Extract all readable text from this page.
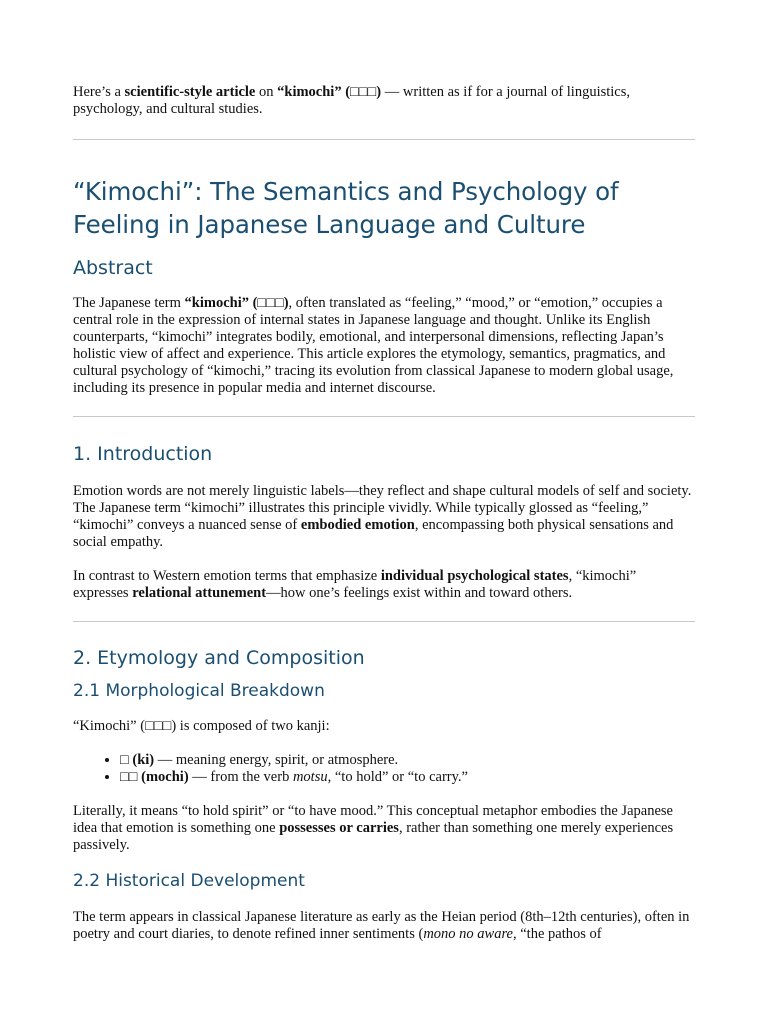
Here’s a scientific-style article on “kimochi” (□□□) — written as if for a journal of linguistics, psychology, and cultural studies.

“Kimochi”: The Semantics and Psychology of Feeling in Japanese Language and Culture
Abstract

The Japanese term “kimochi” (□□□), often translated as “feeling,” “mood,” or “emotion,” occupies a central role in the expression of internal states in Japanese language and thought. Unlike its English counterparts, “kimochi” integrates bodily, emotional, and interpersonal dimensions, reflecting Japan’s holistic view of affect and experience. This article explores the etymology, semantics, pragmatics, and cultural psychology of “kimochi,” tracing its evolution from classical Japanese to modern global usage, including its presence in popular media and internet discourse.

1. Introduction

Emotion words are not merely linguistic labels—they reflect and shape cultural models of self and society. The Japanese term “kimochi” illustrates this principle vividly. While typically glossed as “feeling,” “kimochi” conveys a nuanced sense of embodied emotion, encompassing both physical sensations and social empathy.

In contrast to Western emotion terms that emphasize individual psychological states, “kimochi” expresses relational attunement—how one’s feelings exist within and toward others.

2. Etymology and Composition
2.1 Morphological Breakdown

“Kimochi” (□□□) is composed of two kanji:

• □ (ki) — meaning energy, spirit, or atmosphere.
• □□ (mochi) — from the verb motsu, “to hold” or “to carry.”

Literally, it means “to hold spirit” or “to have mood.” This conceptual metaphor embodies the Japanese idea that emotion is something one possesses or carries, rather than something one merely experiences passively.

2.2 Historical Development

The term appears in classical Japanese literature as early as the Heian period (8th–12th centuries), often in poetry and court diaries, to denote refined inner sentiments (mono no aware, “the pathos of
